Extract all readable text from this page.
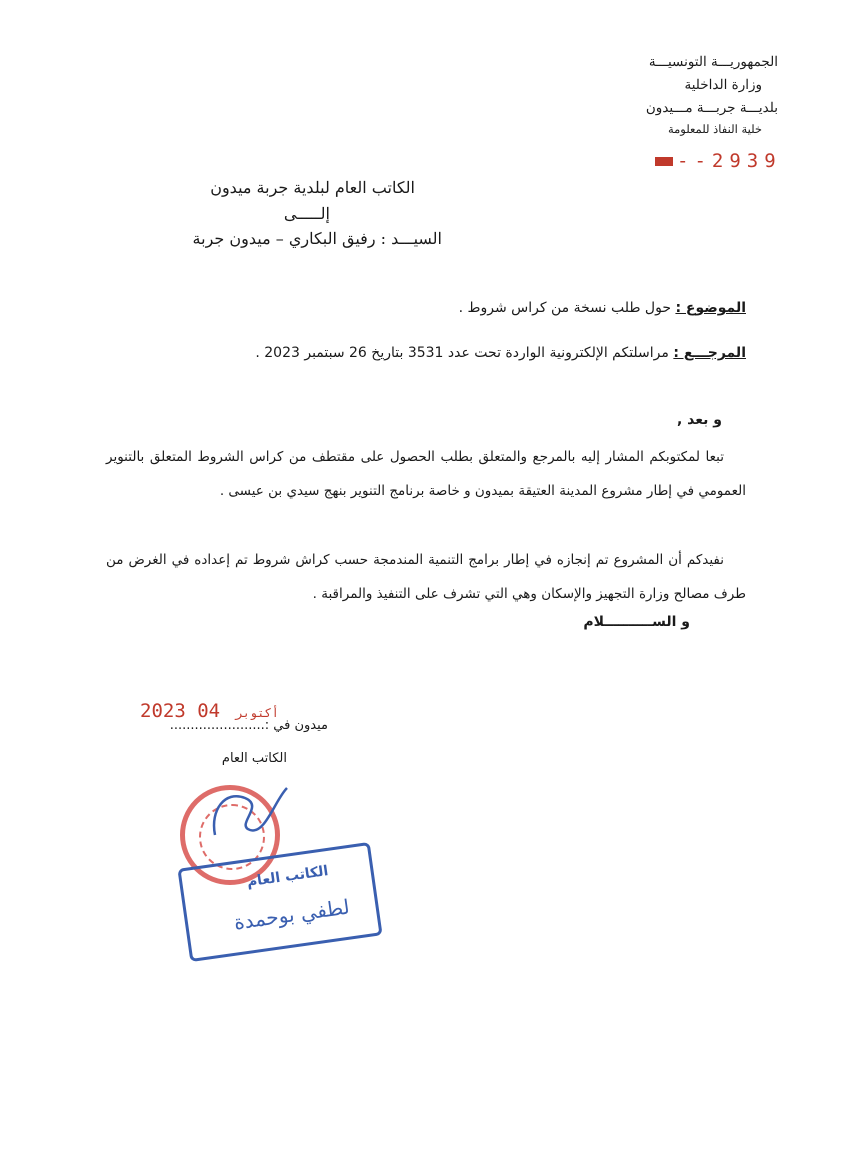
الجمهوريـــة التونسيـــة
وزارة الداخلية
بلديـــة جربـــة مـــيدون
خلية النفاذ للمعلومة
--2939
الكاتب العام لبلدية جربة ميدون
إلـــــى
السيـــد : رفيق البكاري – ميدون جربة
الموضوع : حول طلب نسخة من كراس شروط .
المرجـــع : مراسلتكم الإلكترونية الواردة تحت عدد 3531 بتاريخ 26 سبتمبر 2023 .
و بعد ,
تبعا لمكتوبكم المشار إليه بالمرجع والمتعلق بطلب الحصول على مقتطف من كراس الشروط المتعلق بالتنوير العمومي في إطار مشروع المدينة العتيقة بميدون و خاصة برنامج التنوير بنهج سيدي بن عيسى .
نفيدكم أن المشروع تم إنجازه في إطار برامج التنمية المندمجة حسب كراش شروط تم إعداده في الغرض من طرف مصالح وزارة التجهيز والإسكان وهي التي تشرف على التنفيذ والمراقبة .
و الســــــــــلام
2023	أكتوبر 04
ميدون في :.......................
الكاتب العام
الكاتب العام
لطفي بوحمدة
